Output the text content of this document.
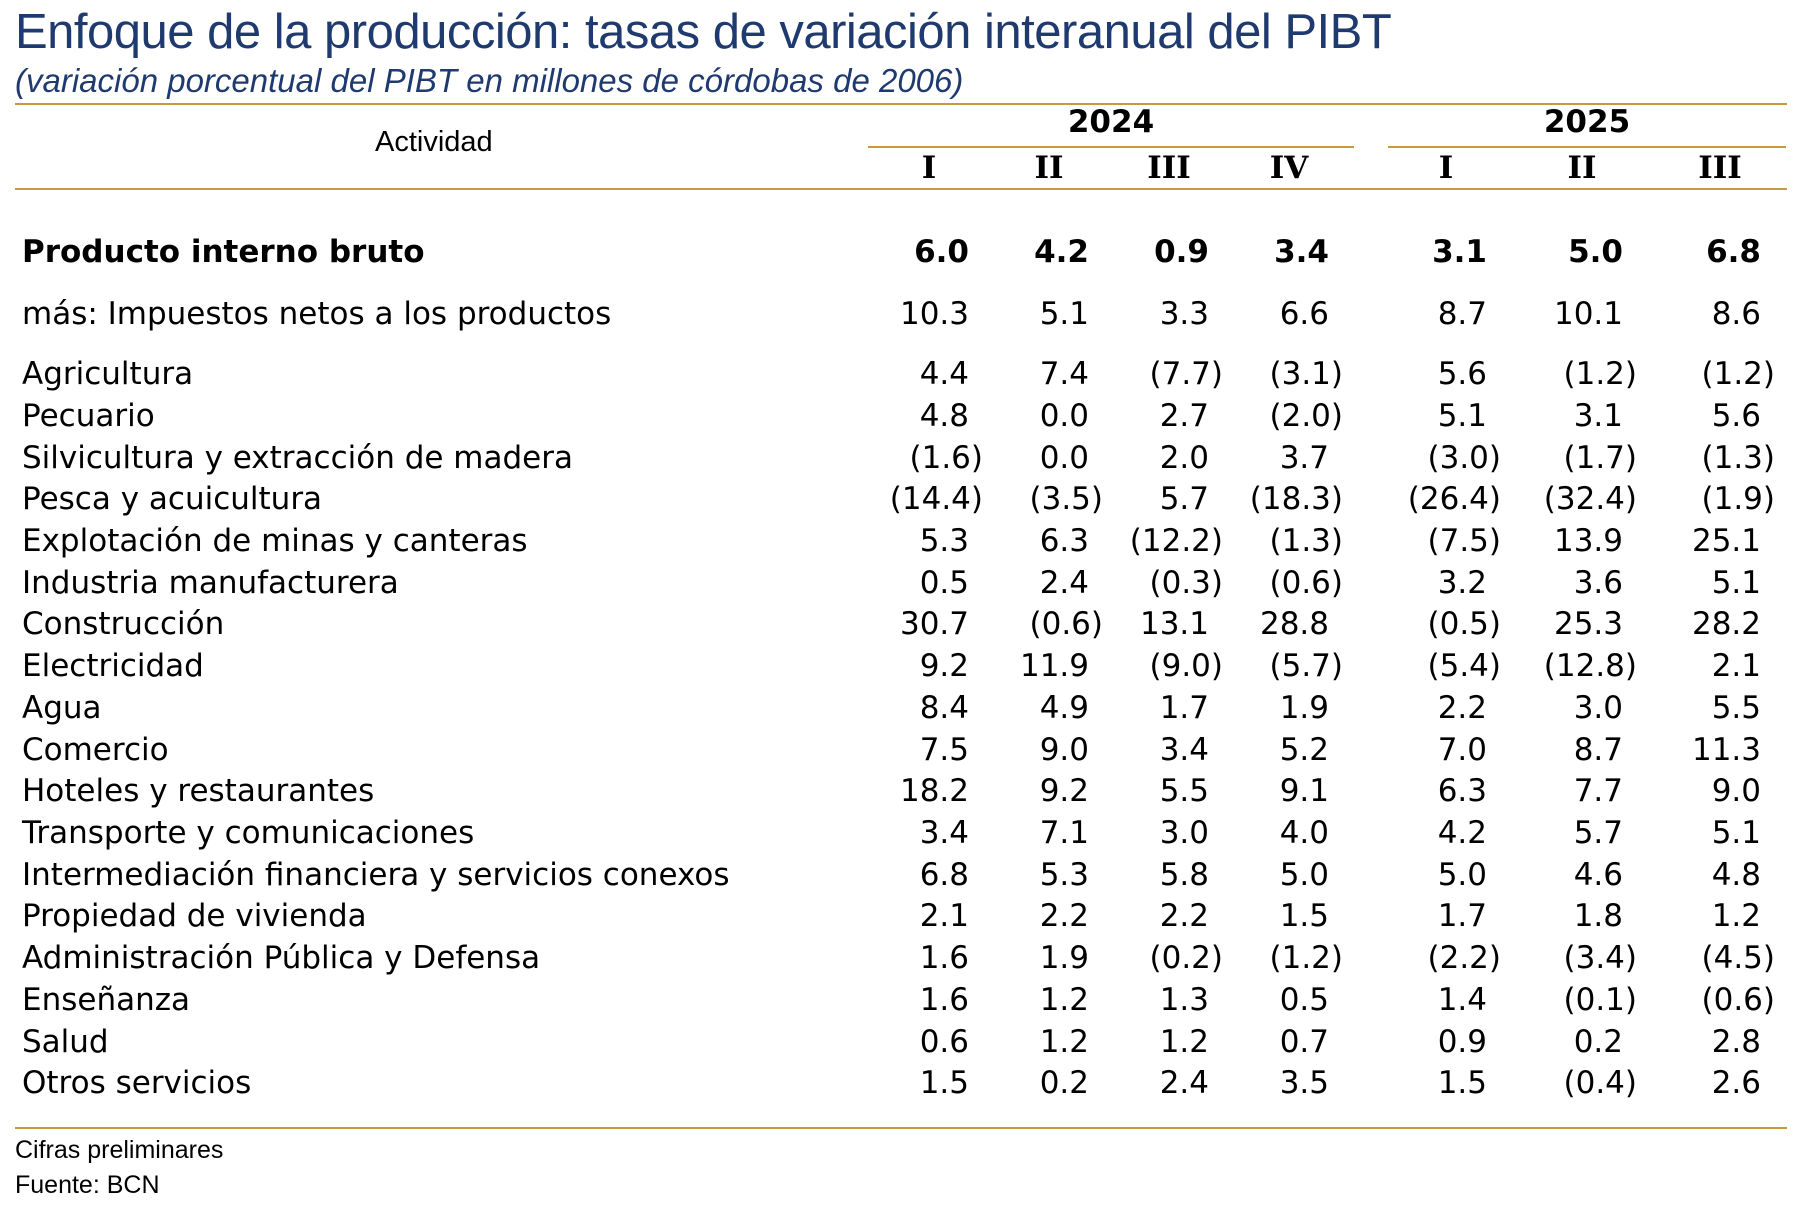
Enfoque de la producción: tasas de variación interanual del PIBT
(variación porcentual del PIBT en millones de córdobas de 2006)
Actividad
2024	2025
I	II	III	IV	I	II	III
Producto interno bruto	6.0 4.2 0.9 3.4	3.1	5.0	6.8
más: Impuestos netos a los productos	10.3 5.1 3.3 6.6	8.7 10.1	8.6
Agricultura	4.4 7.4 (7.7) (3.1)	5.6 (1.2) (1.2)
Pecuario	4.8 0.0 2.7 (2.0)	5.1	3.1	5.6
Silvicultura y extracción de madera	(1.6) 0.0 2.0 3.7	(3.0) (1.7) (1.3)
Pesca y acuicultura	(14.4) (3.5) 5.7 (18.3) (26.4) (32.4) (1.9)
Explotación de minas y canteras	5.3 6.3 (12.2) (1.3)	(7.5) 13.9 25.1
Industria manufacturera	0.5 2.4 (0.3) (0.6)	3.2	3.6	5.1
Construcción	30.7 (0.6) 13.1 28.8	(0.5) 25.3 28.2
Electricidad	9.2 11.9 (9.0) (5.7)	(5.4) (12.8) 2.1
Agua	8.4 4.9 1.7 1.9	2.2	3.0	5.5
Comercio	7.5 9.0 3.4 5.2	7.0	8.7 11.3
Hoteles y restaurantes	18.2 9.2 5.5 9.1	6.3	7.7	9.0
Transporte y comunicaciones	3.4 7.1 3.0 4.0	4.2	5.7	5.1
Intermediación financiera y servicios conexos	6.8 5.3 5.8 5.0	5.0	4.6	4.8
Propiedad de vivienda	2.1 2.2 2.2 1.5	1.7	1.8	1.2
Administración Pública y Defensa	1.6 1.9 (0.2) (1.2)	(2.2) (3.4) (4.5)
Enseñanza	1.6 1.2 1.3 0.5	1.4 (0.1) (0.6)
Salud	0.6 1.2 1.2 0.7	0.9	0.2	2.8
Otros servicios	1.5 0.2 2.4 3.5	1.5 (0.4) 2.6
Cifras preliminares
Fuente: BCN
